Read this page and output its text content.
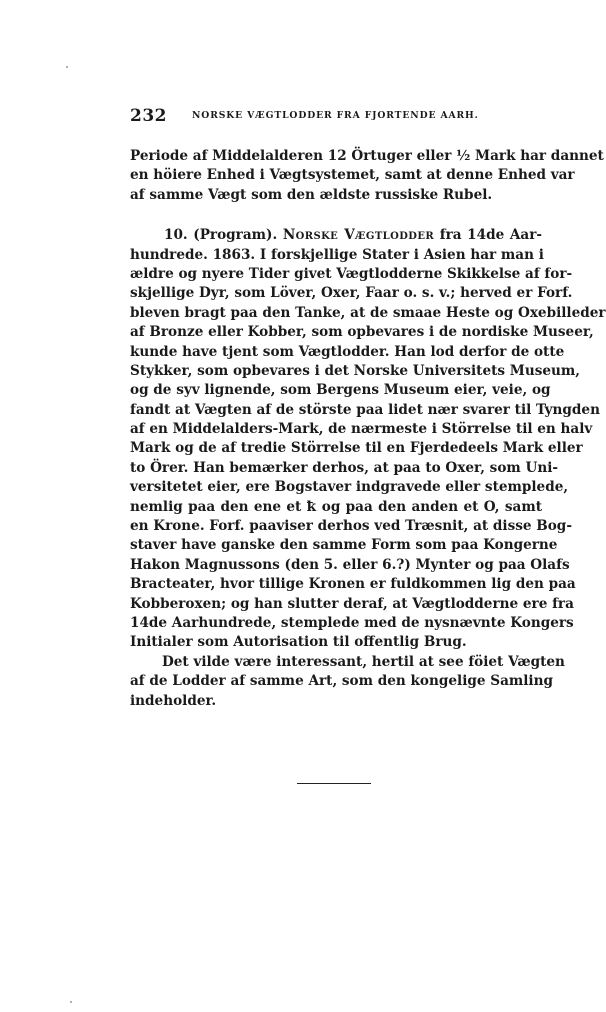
232	NORSKE VÆGTLODDER FRA FJORTENDE AARH.
Periode af Middelalderen 12 Örtuger eller ½ Mark har dannet
en höiere Enhed i Vægtsystemet, samt at denne Enhed var
af samme Vægt som den ældste russiske Rubel.
10. (Program). Norske Vægtlodder fra 14de Aar-
hundrede. 1863. I forskjellige Stater i Asien har man i
ældre og nyere Tider givet Vægtlodderne Skikkelse af for-
skjellige Dyr, som Löver, Oxer, Faar o. s. v.; herved er Forf.
bleven bragt paa den Tanke, at de smaae Heste og Oxebilleder
af Bronze eller Kobber, som opbevares i de nordiske Museer,
kunde have tjent som Vægtlodder. Han lod derfor de otte
Stykker, som opbevares i det Norske Universitets Museum,
og de syv lignende, som Bergens Museum eier, veie, og
fandt at Vægten af de störste paa lidet nær svarer til Tyngden
af en Middelalders-Mark, de nærmeste i Störrelse til en halv
Mark og de af tredie Störrelse til en Fjerdedeels Mark eller
to Örer. Han bemærker derhos, at paa to Oxer, som Uni-
versitetet eier, ere Bogstaver indgravede eller stemplede,
nemlig paa den ene et ꝁ og paa den anden et O, samt
en Krone. Forf. paaviser derhos ved Træsnit, at disse Bog-
staver have ganske den samme Form som paa Kongerne
Hakon Magnussons (den 5. eller 6.?) Mynter og paa Olafs
Bracteater, hvor tillige Kronen er fuldkommen lig den paa
Kobberoxen; og han slutter deraf, at Vægtlodderne ere fra
14de Aarhundrede, stemplede med de nysnævnte Kongers
Initialer som Autorisation til offentlig Brug.
Det vilde være interessant, hertil at see föiet Vægten
af de Lodder af samme Art, som den kongelige Samling
indeholder.
